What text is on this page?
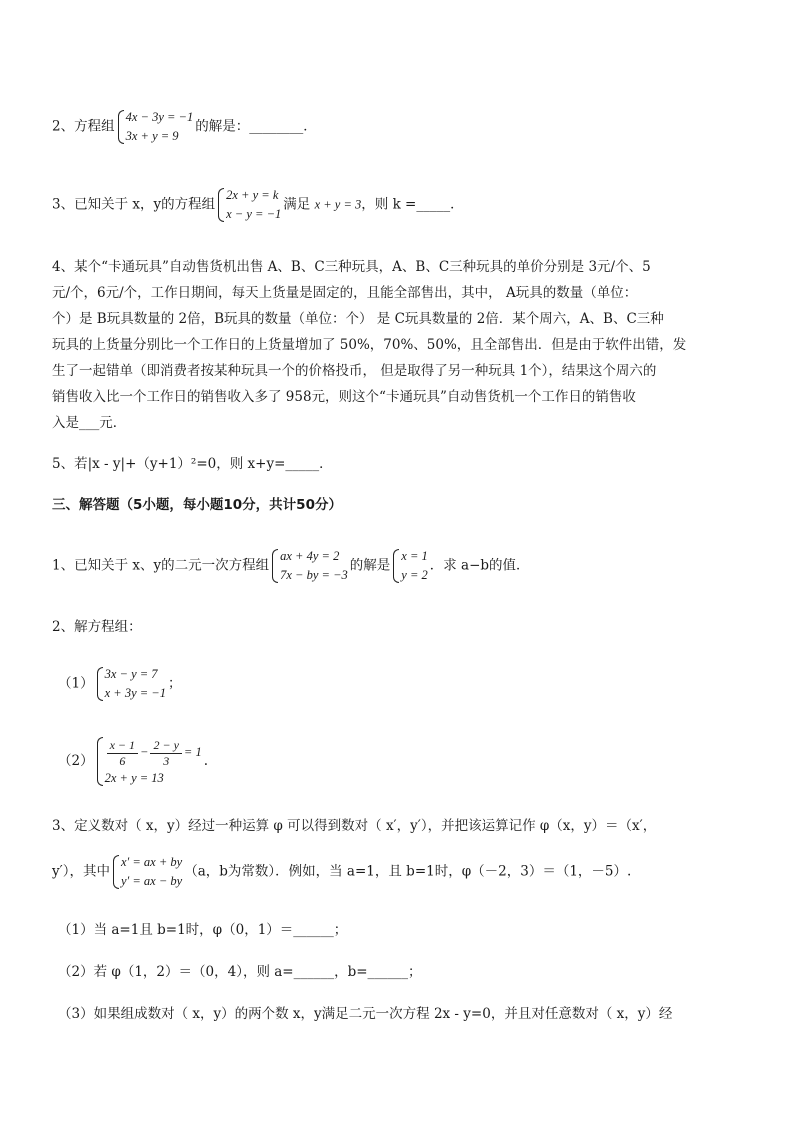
2、方程组
4x − 3y = −1
3x + y = 9
的解是：________．
3、已知关于 x，y的方程组
2x + y = k
x − y = −1
满足 x + y = 3，则 k =_____．
4、某个“卡通玩具”自动售货机出售 A、B、C三种玩具，A、B、C三种玩具的单价分别是 3元/个、5
元/个，6元/个，工作日期间，每天上货量是固定的，且能全部售出，其中， A玩具的数量（单位：
个）是 B玩具数量的 2倍，B玩具的数量（单位：个） 是 C玩具数量的 2倍．某个周六，A、B、C三种
玩具的上货量分别比一个工作日的上货量增加了 50%，70%、50%，且全部售出．但是由于软件出错，发
生了一起错单（即消费者按某种玩具一个的价格投币， 但是取得了另一种玩具 1个），结果这个周六的
销售收入比一个工作日的销售收入多了 958元，则这个“卡通玩具”自动售货机一个工作日的销售收
入是___元．
5、若|x - y|+（y+1）²=0，则 x+y=_____．
三、解答题（5小题，每小题10分，共计50分）
1、已知关于 x、y的二元一次方程组
ax + 4y = 2
7x − by = −3
的解是
x = 1
y = 2
．求 a−b的值．
2、解方程组：
（1）
3x − y = 7
x + 3y = −1
；
$(2) \frac{x - 1}{6} - \frac{2 - y}{3} = 1$
2x + y = 13
.
3、定义数对（ x，y）经过一种运算 φ 可以得到数对（ x′，y′），并把该运算记作 φ（x，y）＝（x′，
y′），其中
x′ = ax + by
y′ = ax − by
（a，b为常数）．例如，当 a=1，且 b=1时，φ（－2，3）＝（1，－5）.
（1）当 a=1且 b=1时，φ（0，1）＝______；
（2）若 φ（1，2）＝（0，4），则 a=______，b=______；
（3）如果组成数对（ x，y）的两个数 x，y满足二元一次方程 2x - y=0，并且对任意数对（ x，y）经
